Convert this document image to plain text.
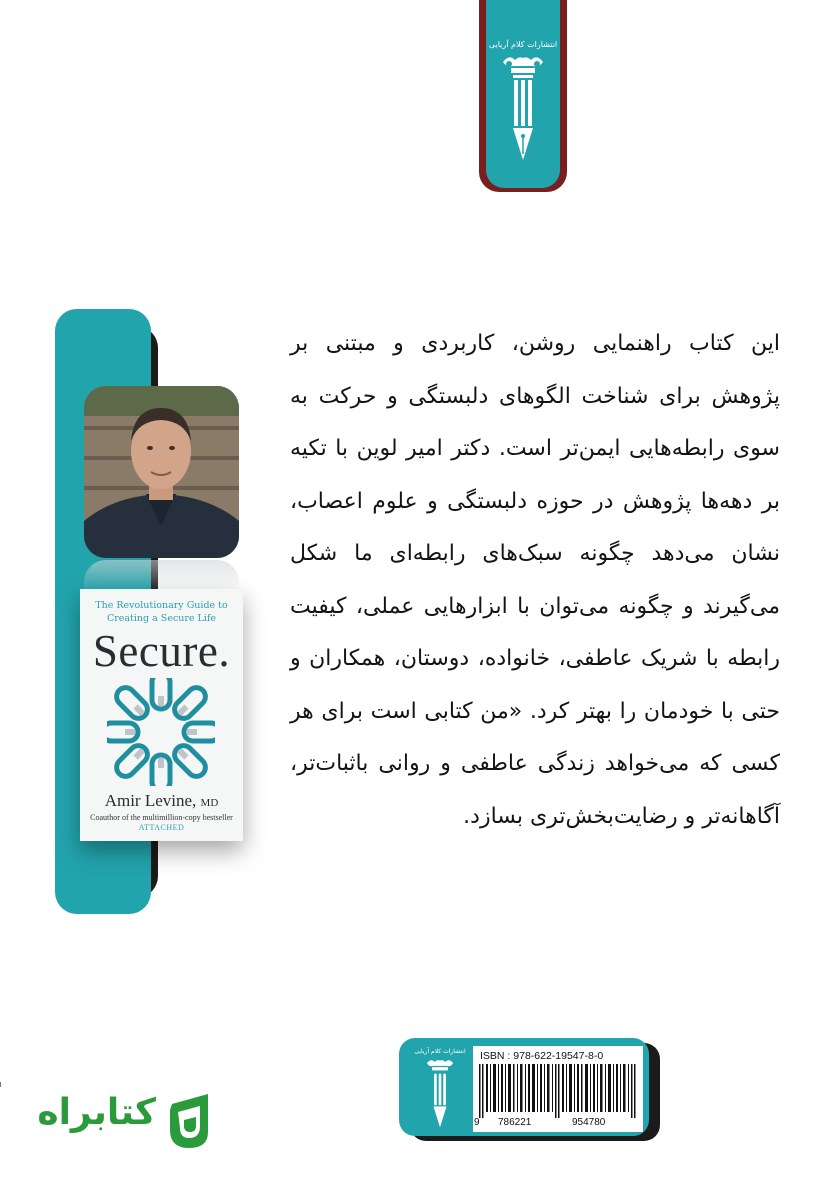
انتشارات کلام آریایی
The Revolutionary Guide to Creating a Secure Life
Secure.
Amir Levine, MD
Coauthor of the multimillion-copy bestseller
ATTACHED
این کتاب راهنمایی روشن، کاربردی و مبتنی بر پژوهش برای شناخت الگوهای دلبستگی و حرکت به سوی رابطه‌هایی ایمن‌تر است. دکتر امیر لوین با تکیه بر دهه‌ها پژوهش در حوزه دلبستگی و علوم اعصاب، نشان می‌دهد چگونه سبک‌های رابطه‌ای ما شکل می‌گیرند و چگونه می‌توان با ابزارهایی عملی، کیفیت رابطه با شریک عاطفی، خانواده، دوستان، همکاران و حتی با خودمان را بهتر کرد. «من کتابی است برای هر کسی که می‌خواهد زندگی عاطفی و روانی باثبات‌تر، آگاهانه‌تر و رضایت‌بخش‌تری بسازد.
انتشارات کلام آریایی ISBN : 978-622-19547-8-0
9 786221	954780
کتابراه
